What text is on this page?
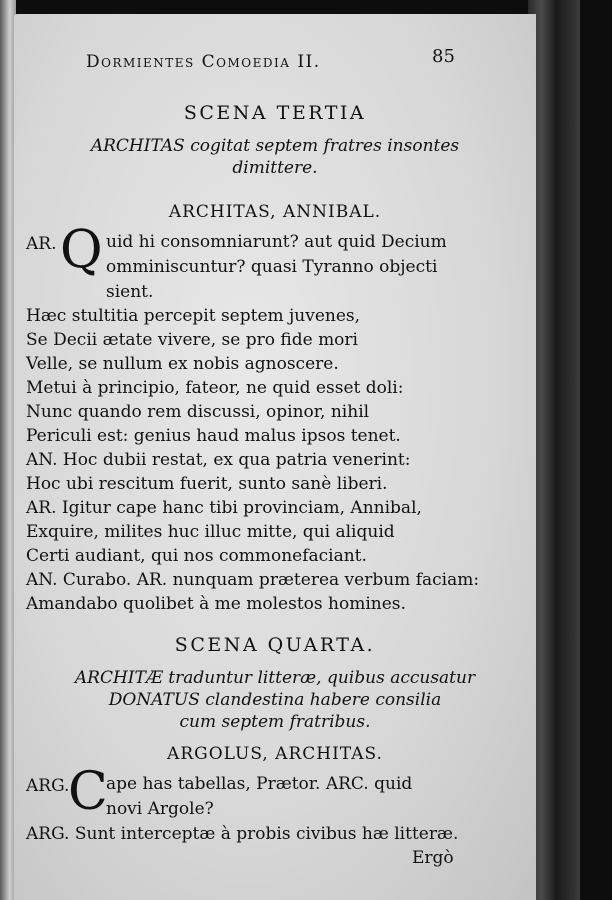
Dormientes Comoedia II.	85
SCENA TERTIA
ARCHITAS cogitat septem fratres insontes
dimittere.
ARCHITAS, ANNIBAL.
AR. Q uid hi consomniarunt? aut quid Decium
omminiscuntur? quasi Tyranno objecti
sient.
Hæc stultitia percepit septem juvenes,
Se Decii ætate vivere, se pro fide mori
Velle, se nullum ex nobis agnoscere.
Metui à principio, fateor, ne quid esset doli:
Nunc quando rem discussi, opinor, nihil
Periculi est: genius haud malus ipsos tenet.
AN. Hoc dubii restat, ex qua patria venerint:
Hoc ubi rescitum fuerit, sunto sanè liberi.
AR. Igitur cape hanc tibi provinciam, Annibal,
Exquire, milites huc illuc mitte, qui aliquid
Certi audiant, qui nos commonefaciant.
AN. Curabo. AR. nunquam præterea verbum faciam:
Amandabo quolibet à me molestos homines.
SCENA QUARTA.
ARCHITÆ traduntur litteræ, quibus accusatur
DONATUS clandestina habere consilia
cum septem fratribus.
ARGOLUS, ARCHITAS.
ARG.
C
ape has tabellas, Prætor. ARC. quid
novi Argole?
ARG. Sunt interceptæ à probis civibus hæ litteræ.
Ergò
